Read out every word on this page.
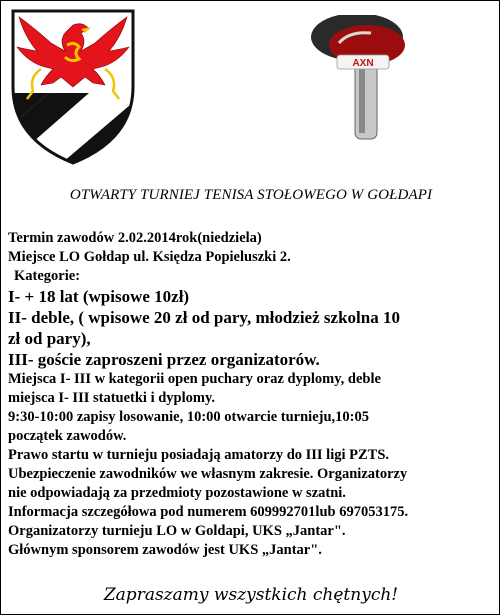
AXN
OTWARTY TURNIEJ TENISA STOŁOWEGO W GOŁDAPI
Termin zawodów 2.02.2014rok(niedziela)
Miejsce LO Gołdap ul. Księdza Popieluszki 2.
Kategorie:
I- + 18 lat (wpisowe 10zł)
II- deble, ( wpisowe 20 zł od pary, młodzież szkolna 10
zł od pary),
III- goście zaproszeni przez organizatorów.
Miejsca I- III w kategorii open puchary oraz dyplomy, deble
miejsca I- III statuetki i dyplomy.
9:30-10:00 zapisy losowanie, 10:00 otwarcie turnieju,10:05
początek zawodów.
Prawo startu w turnieju posiadają amatorzy do III ligi PZTS.
Ubezpieczenie zawodników we własnym zakresie. Organizatorzy
nie odpowiadają za przedmioty pozostawione w szatni.
Informacja szczegółowa pod numerem 609992701lub 697053175.
Organizatorzy turnieju LO w Goldapi, UKS „Jantar".
Głównym sponsorem zawodów jest UKS „Jantar".
Zapraszamy wszystkich chętnych!
